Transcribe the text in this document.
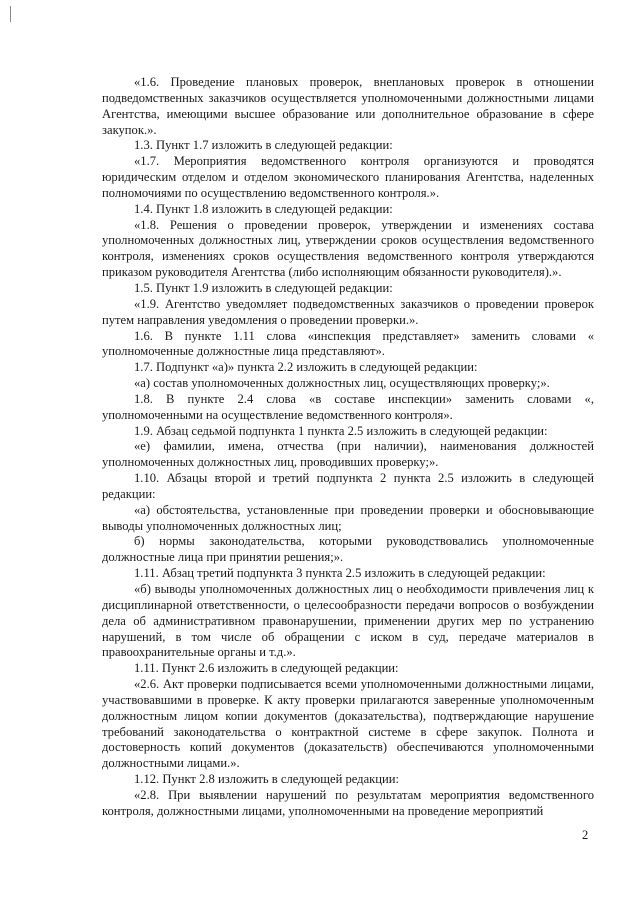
«1.6. Проведение плановых проверок, внеплановых проверок в отношении подведомственных заказчиков осуществляется уполномоченными должностными лицами Агентства, имеющими высшее образование или дополнительное образование в сфере закупок.».

1.3. Пункт 1.7 изложить в следующей редакции:

«1.7. Мероприятия ведомственного контроля организуются и проводятся юридическим отделом и отделом экономического планирования Агентства, наделенных полномочиями по осуществлению ведомственного контроля.».

1.4. Пункт 1.8 изложить в следующей редакции:

«1.8. Решения о проведении проверок, утверждении и изменениях состава уполномоченных должностных лиц, утверждении сроков осуществления ведомственного контроля, изменениях сроков осуществления ведомственного контроля утверждаются приказом руководителя Агентства (либо исполняющим обязанности руководителя).».

1.5. Пункт 1.9 изложить в следующей редакции:

«1.9. Агентство уведомляет подведомственных заказчиков о проведении проверок путем направления уведомления о проведении проверки.».

1.6. В пункте 1.11 слова «инспекция представляет» заменить словами « уполномоченные должностные лица представляют».

1.7. Подпункт «а)» пункта 2.2 изложить в следующей редакции:

«а) состав уполномоченных должностных лиц, осуществляющих проверку;».

1.8. В пункте 2.4 слова «в составе инспекции» заменить словами «, уполномоченными на осуществление ведомственного контроля».

1.9. Абзац седьмой подпункта 1 пункта 2.5 изложить в следующей редакции:

«е) фамилии, имена, отчества (при наличии), наименования должностей уполномоченных должностных лиц, проводивших проверку;».

1.10. Абзацы второй и третий подпункта 2 пункта 2.5 изложить в следующей редакции:

«а) обстоятельства, установленные при проведении проверки и обосновывающие выводы уполномоченных должностных лиц;

б) нормы законодательства, которыми руководствовались уполномоченные должностные лица при принятии решения;».

1.11. Абзац третий подпункта 3 пункта 2.5 изложить в следующей редакции:

«б) выводы уполномоченных должностных лиц о необходимости привлечения лиц к дисциплинарной ответственности, о целесообразности передачи вопросов о возбуждении дела об административном правонарушении, применении других мер по устранению нарушений, в том числе об обращении с иском в суд, передаче материалов в правоохранительные органы и т.д.».

1.11. Пункт 2.6 изложить в следующей редакции:

«2.6. Акт проверки подписывается всеми уполномоченными должностными лицами, участвовавшими в проверке. К акту проверки прилагаются заверенные уполномоченным должностным лицом копии документов (доказательства), подтверждающие нарушение требований законодательства о контрактной системе в сфере закупок. Полнота и достоверность копий документов (доказательств) обеспечиваются уполномоченными должностными лицами.».

1.12. Пункт 2.8 изложить в следующей редакции:

«2.8. При выявлении нарушений по результатам мероприятия ведомственного контроля, должностными лицами, уполномоченными на проведение мероприятий

2
